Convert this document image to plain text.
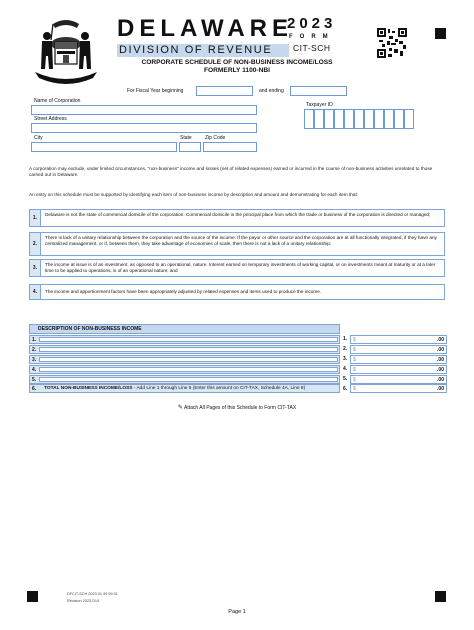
DELAWARE
DIVISION OF REVENUE
2023
FORM
CIT-SCH
CORPORATE SCHEDULE OF NON-BUSINESS INCOME/LOSS
FORMERLY 1100-NBI
For Fiscal Year beginning	and ending
Name of Corporation
Taxpayer ID
Street Address
City	State	Zip Code
A corporation may exclude, under limited circumstances, "non-business" income and losses (net of related expenses) earned or incurred in the course of non-business activities unrelated to those carried out in Delaware.
An entry on this schedule must be supported by identifying each item of non-business income by description and amount and demonstrating for each item that:
1.
Delaware is not the state of commercial domicile of the corporation. Commercial domicile is the principal place from which the trade or business of the corporation is directed or managed;
2.
There is lack of a unitary relationship between the corporation and the source of the income. If the payor or other source and the corporation are at all functionally integrated, if they have any centralized management, or if, between them, they take advantage of economies of scale, then there is not a lack of a unitary relationship;
3.
The income at issue is of an investment, as opposed to an operational, nature. Interest earned on temporary investments of working capital, or on investments meant at maturity or at a later time to be applied to operations, is of an operational nature; and
4.	The income and apportionment factors have been appropriately adjusted by related expenses and items used to produce the income.
DESCRIPTION OF NON-BUSINESS INCOME
1.
2.
3.
4.
5.
6. TOTAL NON-BUSINESS INCOME/LOSS - Add Line 1 through Line 5 (Enter this amount on CIT-TAX, Schedule 4A, Line 8)
1. $	.00
2. $	.00
3. $	.00
4. $	.00
5. $	.00
6. $	.00
✎ Attach All Pages of this Schedule to Form CIT-TAX
DFCIT-SCH 2023 01 99 99 01
Revision 2023 D19
Page 1
